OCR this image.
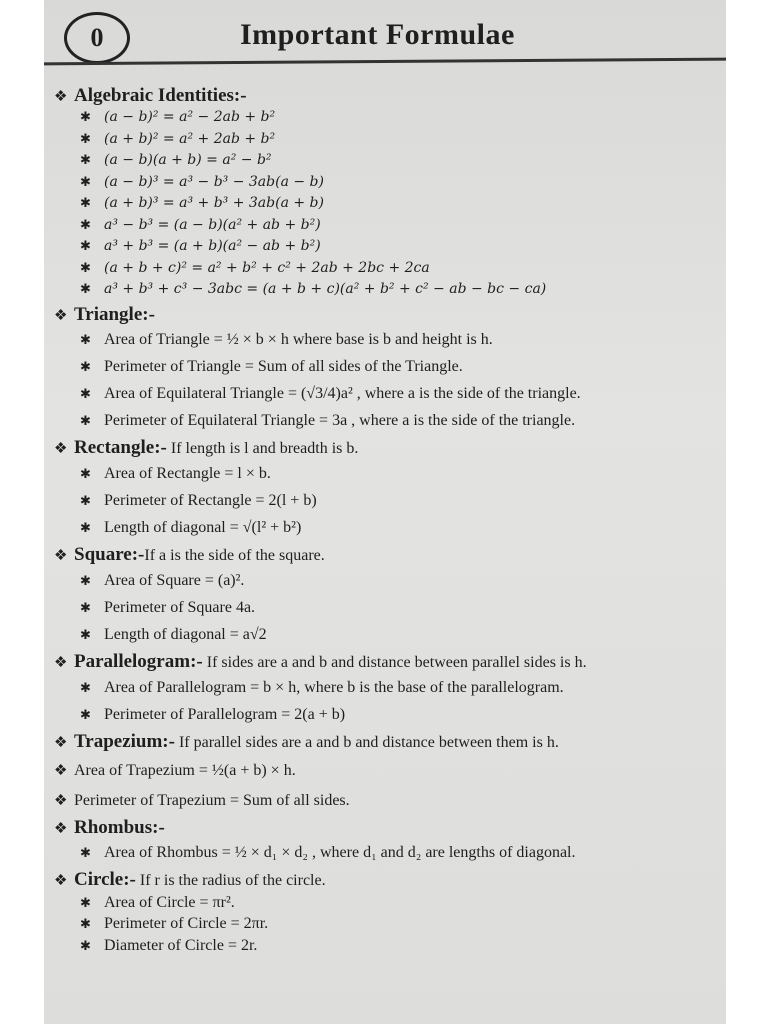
0	Important Formulae
❖ Algebraic Identities:-
✱ (a − b)² = a² − 2ab + b²
✱ (a + b)² = a² + 2ab + b²
✱ (a − b)(a + b) = a² − b²
✱ (a − b)³ = a³ − b³ − 3ab(a − b)
✱ (a + b)³ = a³ + b³ + 3ab(a + b)
✱ a³ − b³ = (a − b)(a² + ab + b²)
✱ a³ + b³ = (a + b)(a² − ab + b²)
✱ (a + b + c)² = a² + b² + c² + 2ab + 2bc + 2ca
✱ a³ + b³ + c³ − 3abc = (a + b + c)(a² + b² + c² − ab − bc − ca)
❖ Triangle:-
✱ Area of Triangle = ½ × b × h where base is b and height is h.
✱ Perimeter of Triangle = Sum of all sides of the Triangle.
✱ Area of Equilateral Triangle = (√3/4)a² , where a is the side of the triangle.
✱ Perimeter of Equilateral Triangle = 3a , where a is the side of the triangle.
❖ Rectangle:- If length is l and breadth is b.
✱ Area of Rectangle = l × b.
✱ Perimeter of Rectangle = 2(l + b)
✱ Length of diagonal = √(l² + b²)
❖ Square:-If a is the side of the square.
✱ Area of Square = (a)².
✱ Perimeter of Square 4a.
✱ Length of diagonal = a√2
❖ Parallelogram:- If sides are a and b and distance between parallel sides is h.
✱ Area of Parallelogram = b × h, where b is the base of the parallelogram.
✱ Perimeter of Parallelogram = 2(a + b)
❖ Trapezium:- If parallel sides are a and b and distance between them is h.
❖ Area of Trapezium = ½(a + b) × h.
❖ Perimeter of Trapezium = Sum of all sides.
❖ Rhombus:-
✱ Area of Rhombus = ½ × d₁ × d₂ , where d₁ and d₂ are lengths of diagonal.
❖ Circle:- If r is the radius of the circle.
✱ Area of Circle = πr².
✱ Perimeter of Circle = 2πr.
✱ Diameter of Circle = 2r.
